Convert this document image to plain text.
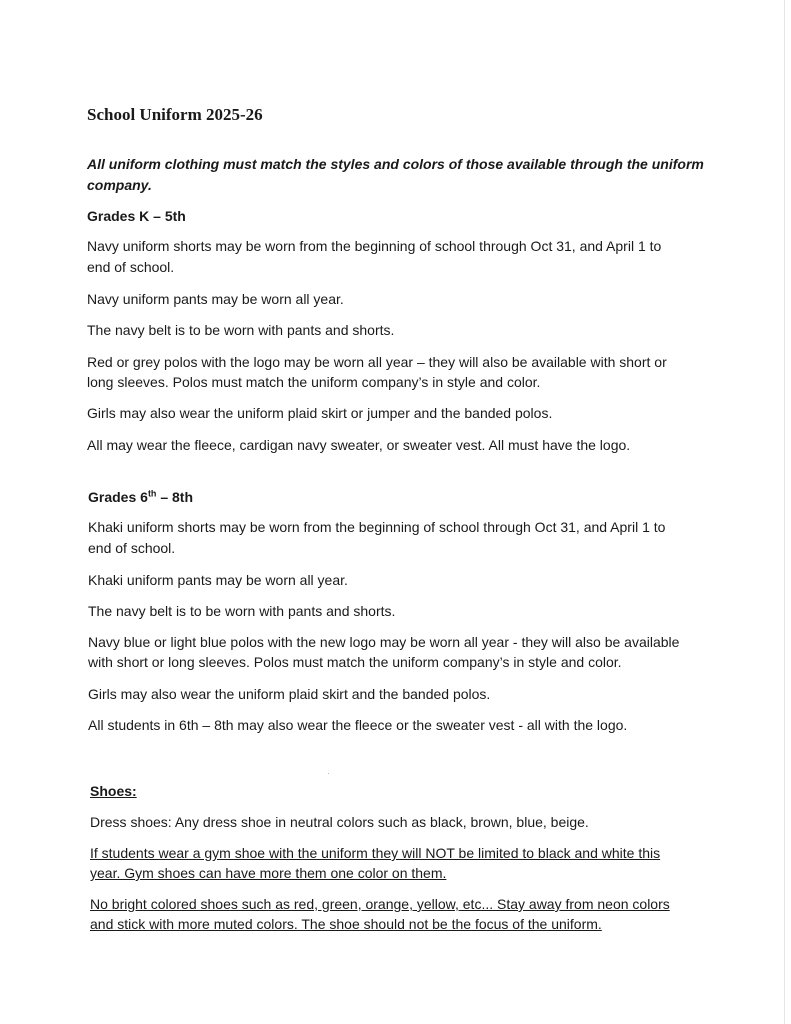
School Uniform 2025-26
All uniform clothing must match the styles and colors of those available through the uniform
company.
Grades K – 5th
Navy uniform shorts may be worn from the beginning of school through Oct 31, and April 1 to
end of school.
Navy uniform pants may be worn all year.
The navy belt is to be worn with pants and shorts.
Red or grey polos with the logo may be worn all year – they will also be available with short or
long sleeves. Polos must match the uniform company’s in style and color.
Girls may also wear the uniform plaid skirt or jumper and the banded polos.
All may wear the fleece, cardigan navy sweater, or sweater vest. All must have the logo.
Grades 6th – 8th
Khaki uniform shorts may be worn from the beginning of school through Oct 31, and April 1 to
end of school.
Khaki uniform pants may be worn all year.
The navy belt is to be worn with pants and shorts.
Navy blue or light blue polos with the new logo may be worn all year - they will also be available
with short or long sleeves. Polos must match the uniform company’s in style and color.
Girls may also wear the uniform plaid skirt and the banded polos.
All students in 6th – 8th may also wear the fleece or the sweater vest - all with the logo.
Shoes:
Dress shoes: Any dress shoe in neutral colors such as black, brown, blue, beige.
If students wear a gym shoe with the uniform they will NOT be limited to black and white this
year. Gym shoes can have more them one color on them.
No bright colored shoes such as red, green, orange, yellow, etc... Stay away from neon colors
and stick with more muted colors. The shoe should not be the focus of the uniform.
